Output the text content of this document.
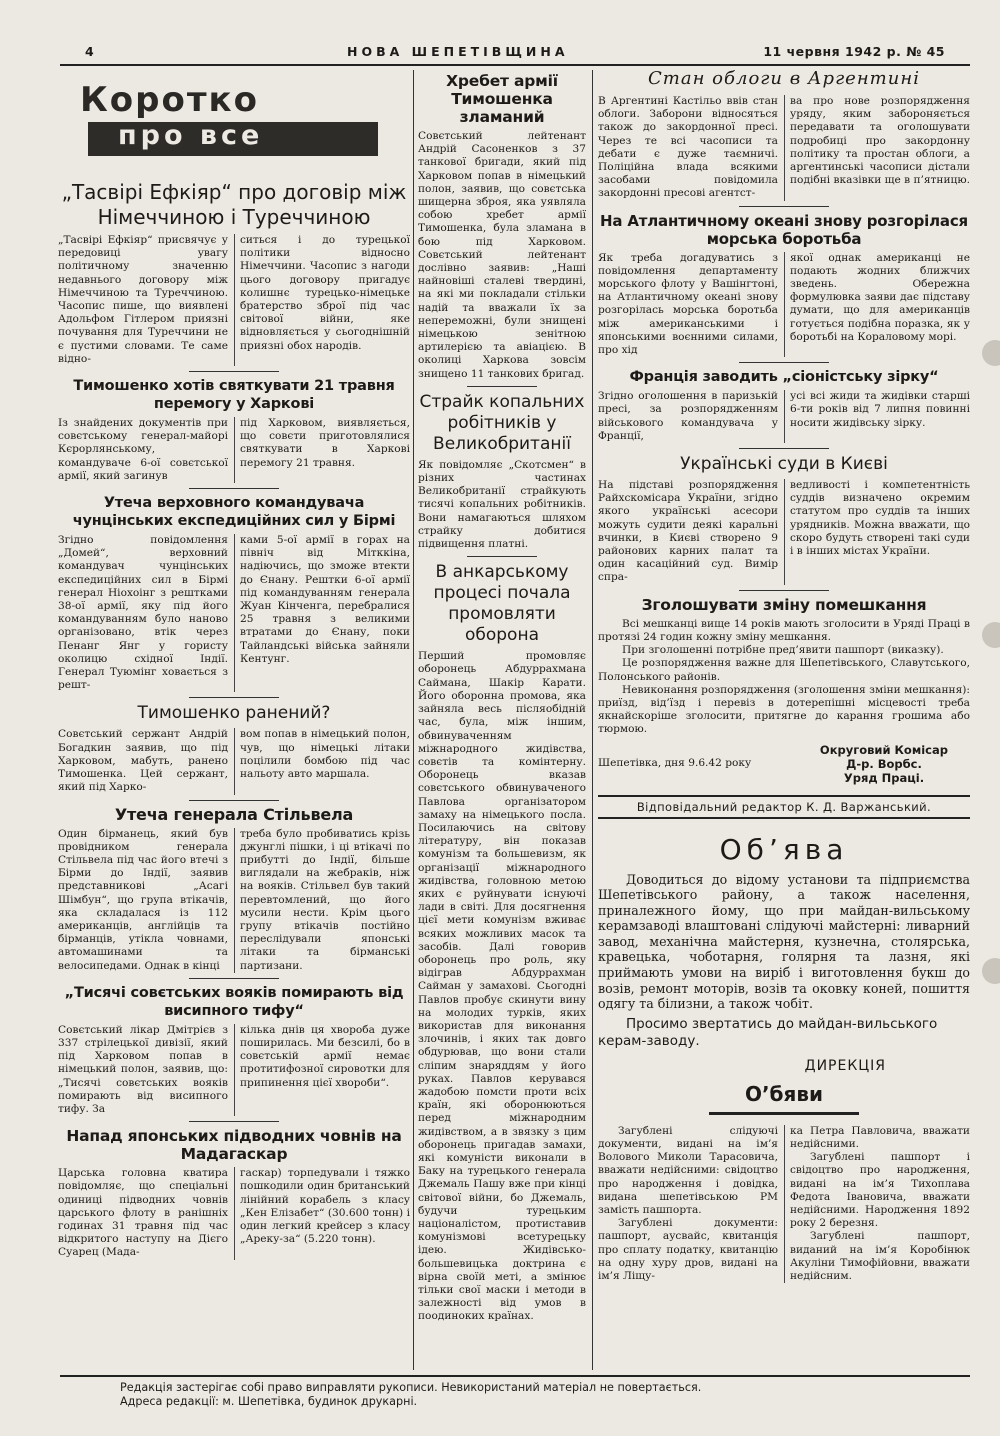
4	НОВА ШЕПЕТІВЩИНА	11 червня 1942 р. № 45
Коротко
про все
„Тасвірі Ефкіяр“ про договір між Німеччиною і Туреччиною
„Тасвірі Ефкіяр“ присвячує у передовиці увагу політичному значенню недавнього договору між Німеччиною та Туреччиною. Часопис пише, що виявлені Адольфом Гітлером приязні почування для Туреччини не є пустими словами. Те саме відно-
ситься і до турецької політики відносно Німеччини. Часопис з нагоди цього договору пригадує колишнє турецько-німецьке братерство зброї під час світової війни, яке відновляється у сьогоднішній приязні обох народів.
Тимошенко хотів святкувати 21 травня перемогу у Харкові
Із знайдених документів при совєтському генерал-майорі Кєрорлянському, командуваче 6-ої совєтської армії, який загинув
під Харковом, виявляється, що совєти приготовлялися святкувати в Харкові перемогу 21 травня.
Утеча верховного командувача чунцінських експедиційних сил у Бірмі
Згідно повідомлення „Домей“, верховний командувач чунцінських експедиційних сил в Бірмі генерал Ніохоінг з рештками 38-ої армії, яку під його командуванням було наново організовано, втік через Пенанг Янг у гористу околицю східної Індії. Генерал Туюмінг ховається з решт-
ками 5-ої армії в горах на північ від Мітккіна, надіючись, що зможе втекти до Єнану. Рештки 6-ої армії під командуванням генерала Жуан Кінченга, перебралися 25 травня з великими втратами до Єнану, поки Тайландські війська зайняли Кентунг.
Тимошенко ранений?
Совєтський сержант Андрій Богадкин заявив, що під Харковом, мабуть, ранено Тимошенка. Цей сержант, який під Харко-
вом попав в німецький полон, чув, що німецькі літаки поцілили бомбою під час нальоту авто маршала.
Утеча генерала Стільвела
Один бірманець, який був провідником генерала Стільвела під час його втечі з Бірми до Індії, заявив представникові „Асагі Шімбун“, що група втікачів, яка складалася із 112 американців, англійців та бірманців, утікла човнами, автомашинами та велосипедами. Однак в кінці
треба було пробиватись крізь джунглі пішки, і ці втікачі по прибутті до Індії, більше виглядали на жебраків, ніж на вояків. Стільвел був такий перевтомлений, що його мусили нести. Крім цього групу втікачів постійно переслідували японські літаки та бірманські партизани.
„Тисячі совєтських вояків помирають від висипного тифу“
Совєтський лікар Дмітрієв з 337 стрілецької дивізії, який під Харковом попав в німецький полон, заявив, що: „Тисячі совєтських вояків помирають від висипного тифу. За
кілька днів ця хвороба дуже поширилась. Ми безсилі, бо в совєтській армії немає протитифозної сировотки для припинення цієї хвороби“.
Напад японських підводних човнів на Мадагаскар
Царська головна кватира повідомляє, що спеціальні одиниці підводних човнів царського флоту в ранішніх годинах 31 травня під час відкритого наступу на Дієго Суарец (Мада-
гаскар) торпедували і тяжко пошкодили один британський лінійний корабель з класу „Кен Елізабет“ (30.600 тонн) і один легкий крейсер з класу „Ареку-за“ (5.220 тонн).
Хребет армії Тимошенка зламаний
Совєтський лейтенант Андрій Сасоненков з 37 танкової бригади, який під Харковом попав в німецький полон, заявив, що совєтська шищерна зброя, яка уявляла собою хребет армії Тимошенка, була зламана в бою під Харковом. Совєтський лейтенант дослівно заявив: „Наші найновіші сталеві твердині, на які ми покладали стільки надій та вважали їх за непереможні, були знищені німецькою зенітною артилерією та авіацією. В околиці Харкова зовсім знищено 11 танкових бригад.
Страйк копальних робітників у Великобританії
Як повідомляє „Скотсмен“ в різних частинах Великобританії страйкують тисячі копальних робітників. Вони намагаються шляхом страйку добитися підвищення платні.
В анкарському процесі почала промовляти оборона
Перший промовляє оборонець Абдуррахмана Саймана, Шакір Карати. Його оборонна промова, яка зайняла весь післяобідній час, була, між іншим, обвинуваченням міжнародного жидівства, совєтів та комінтерну. Оборонець вказав совєтського обвинуваченого Павлова організатором замаху на німецького посла. Посилаючись на світову літературу, він показав комунізм та большевизм, як організації міжнародного жидівства, головною метою яких є руйнувати існуючі лади в світі. Для досягнення цієї мети комунізм вживає всяких можливих масок та засобів. Далі говорив оборонець про роль, яку відіграв Абдуррахман Сайман у замахові. Сьогодні Павлов пробує скинути вину на молодих турків, яких використав для виконання злочинів, і яких так довго обдурював, що вони стали сліпим знаряддям у його руках. Павлов керувався жадобою помсти проти всіх країн, які оборонюються перед міжнародним жидівством, а в звязку з цим оборонець пригадав замахи, які комуністи виконали в Баку на турецького генерала Джемаль Пашу вже при кінці світової війни, бо Джемаль, будучи турецьким націоналістом, протиставив комунізмові всетурецьку ідею. Жидівсько-большевицька доктрина є вірна своїй меті, а змінює тільки свої маски і методи в залежності від умов в поодиноких країнах.
Стан облоги в Аргентині
В Аргентині Кастільо ввів стан облоги. Заборони відносяться також до закордонної пресі. Через те всі часописи та дебати є дуже таємничі. Поліційна влада всякими засобами повідомила закордонні пресові агентст-
ва про нове розпорядження уряду, яким забороняється передавати та оголошувати подробиці про закордонну політику та простан облоги, а аргентинські часописи дістали подібні вказівки ще в п’ятницю.
На Атлантичному океані знову розгорілася морська боротьба
Як треба догадуватись з повідомлення департаменту морського флоту у Вашінгтоні, на Атлантичному океані знову розгорілась морська боротьба між американськими і японськими воєнними силами, про хід
якої однак американці не подають жодних ближчих зведень. Обережна формулювка заяви дає підставу думати, що для американців готується подібна поразка, як у боротьбі на Кораловому морі.
Франція заводить „сіоністську зірку“
Згідно оголошення в паризькій пресі, за розпорядженням військового командувача у Франції,
усі всі жиди та жидівки старші 6-ти років від 7 липня повинні носити жидівську зірку.
Українські суди в Києві
На підставі розпорядження Райхскомісара України, згідно якого українські асесори можуть судити деякі каральні вчинки, в Києві створено 9 районових карних палат та один касаційний суд. Вимір спра-
ведливості і компетентність суддів визначено окремим статутом про суддів та інших урядників. Можна вважати, що скоро будуть створені такі суди і в інших містах України.
Зголошувати зміну помешкання
Всі мешканці вище 14 років мають зголосити в Уряді Праці в протязі 24 годин кожну зміну мешкання.
При зголошенні потрібне пред’явити пашпорт (виказку).
Це розпорядження важне для Шепетівського, Славутського, Полонського районів.
Невиконання розпорядження (зголошення зміни мешкання): приїзд, від’їзд і перевіз в дотерепішні місцевості треба якнайскоріше зголосити, притягне до карання грошима або тюрмою.
Шепетівка, дня 9.6.42 року
Округовий Комісар
Д-р. Ворбс.
Уряд Праці.
Відповідальний редактор К. Д. Варжанський.
Об’ява
Доводиться до відому установи та підприємства Шепетівського району, а також населення, приналежного йому, що при майдан-вильському керамзаводі влаштовані слідуючі майстерні: ливарний завод, механічна майстерня, кузнечна, столярська, кравецька, чоботарня, голярня та лазня, які приймають умови на виріб і виготовлення букш до возів, ремонт моторів, возів та оковку коней, пошиття одягу та білизни, а також чобіт.
Просимо звертатись до майдан-вильського керам-заводу.
ДИРЕКЦІЯ
О’бяви
Загублені слідуючі документи, видані на ім’я Волового Миколи Тарасовича, вважати недійсними: свідоцтво про народження і довідка, видана шепетівською РМ замість пашпорта.
Загублені документи: пашпорт, аусвайс, квитанція про сплату податку, квитанцію на одну хуру дров, видані на ім’я Ліщу-
ка Петра Павловича, вважати недійсними.
Загублені пашпорт і свідоцтво про народження, видані на ім’я Тихоплава Федота Івановича, вважати недійсними. Народження 1892 року 2 березня.
Загублені пашпорт, виданий на ім’я Коробінюк Акуліни Тимофійовни, вважати недійсним.
Редакція застерігає собі право виправляти рукописи. Невикористаний матеріал не повертається.
Адреса редакції: м. Шепетівка, будинок друкарні.
